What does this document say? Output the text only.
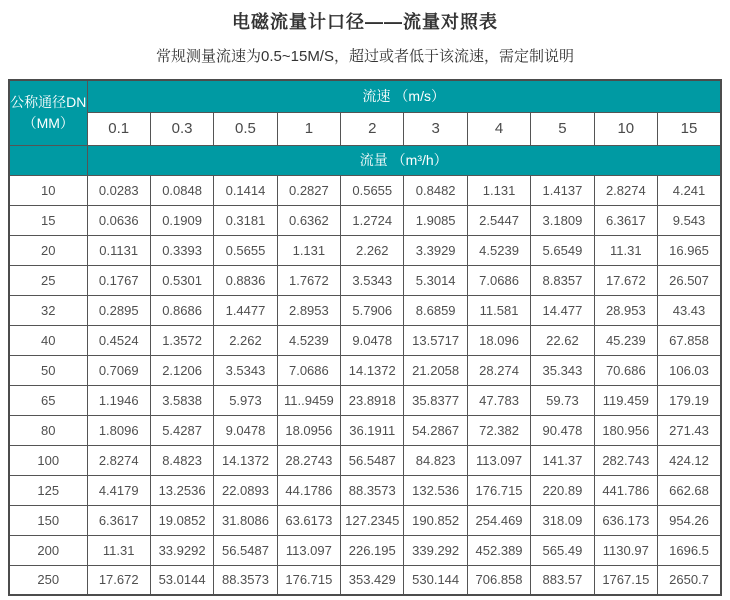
电磁流量计口径——流量对照表
常规测量流速为0.5~15M/S，超过或者低于该流速，需定制说明
公称通径DN
（MM）	流速 （m/s）									
	0.1	0.3	0.5	1	2	3	4	5	10	15
	流量 （m³/h）									
10	0.0283	0.0848	0.1414	0.2827	0.5655	0.8482	1.131	1.4137	2.8274	4.241
15	0.0636	0.1909	0.3181	0.6362	1.2724	1.9085	2.5447	3.1809	6.3617	9.543
20	0.1131	0.3393	0.5655	1.131	2.262	3.3929	4.5239	5.6549	11.31	16.965
25	0.1767	0.5301	0.8836	1.7672	3.5343	5.3014	7.0686	8.8357	17.672	26.507
32	0.2895	0.8686	1.4477	2.8953	5.7906	8.6859	11.581	14.477	28.953	43.43
40	0.4524	1.3572	2.262	4.5239	9.0478	13.5717	18.096	22.62	45.239	67.858
50	0.7069	2.1206	3.5343	7.0686	14.1372	21.2058	28.274	35.343	70.686	106.03
65	1.1946	3.5838	5.973	11..9459	23.8918	35.8377	47.783	59.73	119.459	179.19
80	1.8096	5.4287	9.0478	18.0956	36.1911	54.2867	72.382	90.478	180.956	271.43
100	2.8274	8.4823	14.1372	28.2743	56.5487	84.823	113.097	141.37	282.743	424.12
125	4.4179	13.2536	22.0893	44.1786	88.3573	132.536	176.715	220.89	441.786	662.68
150	6.3617	19.0852	31.8086	63.6173	127.2345	190.852	254.469	318.09	636.173	954.26
200	11.31	33.9292	56.5487	113.097	226.195	339.292	452.389	565.49	1130.97	1696.5
250	17.672	53.0144	88.3573	176.715	353.429	530.144	706.858	883.57	1767.15	2650.7
